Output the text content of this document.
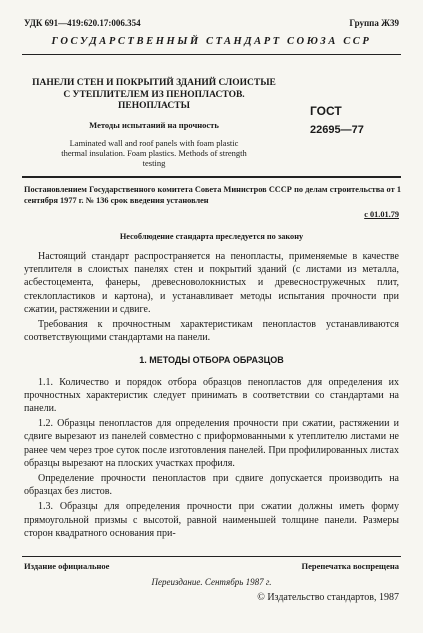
УДК 691—419:620.17:006.354	Группа Ж39
ГОСУДАРСТВЕННЫЙ СТАНДАРТ СОЮЗА ССР
ПАНЕЛИ СТЕН И ПОКРЫТИЙ ЗДАНИЙ СЛОИСТЫЕ
С УТЕПЛИТЕЛЕМ ИЗ ПЕНОПЛАСТОВ.
ПЕНОПЛАСТЫ
Методы испытаний на прочность
Laminated wall and roof panels with foam plastic
thermal insulation. Foam plastics. Methods of strength
testing
ГОСТ
22695—77
Постановлением Государственного комитета Совета Министров СССР по делам строительства от 1 сентября 1977 г. № 136 срок введения установлен
с 01.01.79
Несоблюдение стандарта преследуется по закону

Настоящий стандарт распространяется на пенопласты, применяемые в качестве утеплителя в слоистых панелях стен и покрытий зданий (с листами из металла, асбестоцемента, фанеры, древесноволокнистых и древесностружечных плит, стеклопластиков и картона), и устанавливает методы испытания прочности при сжатии, растяжении и сдвиге.

Требования к прочностным характеристикам пенопластов устанавливаются соответствующими стандартами на панели.

1. МЕТОДЫ ОТБОРА ОБРАЗЦОВ

1.1. Количество и порядок отбора образцов пенопластов для определения их прочностных характеристик следует принимать в соответствии со стандартами на панели.

1.2. Образцы пенопластов для определения прочности при сжатии, растяжении и сдвиге вырезают из панелей совместно с приформованными к утеплителю листами не ранее чем через трое суток после изготовления панелей. При профилированных листах образцы вырезают на плоских участках профиля.

Определение прочности пенопластов при сдвиге допускается производить на образцах без листов.

1.3. Образцы для определения прочности при сжатии должны иметь форму прямоугольной призмы с высотой, равной наименьшей толщине панели. Размеры сторон квадратного основания при-

Издание официальное	Перепечатка воспрещена
Переиздание. Сентябрь 1987 г.
© Издательство стандартов, 1987
